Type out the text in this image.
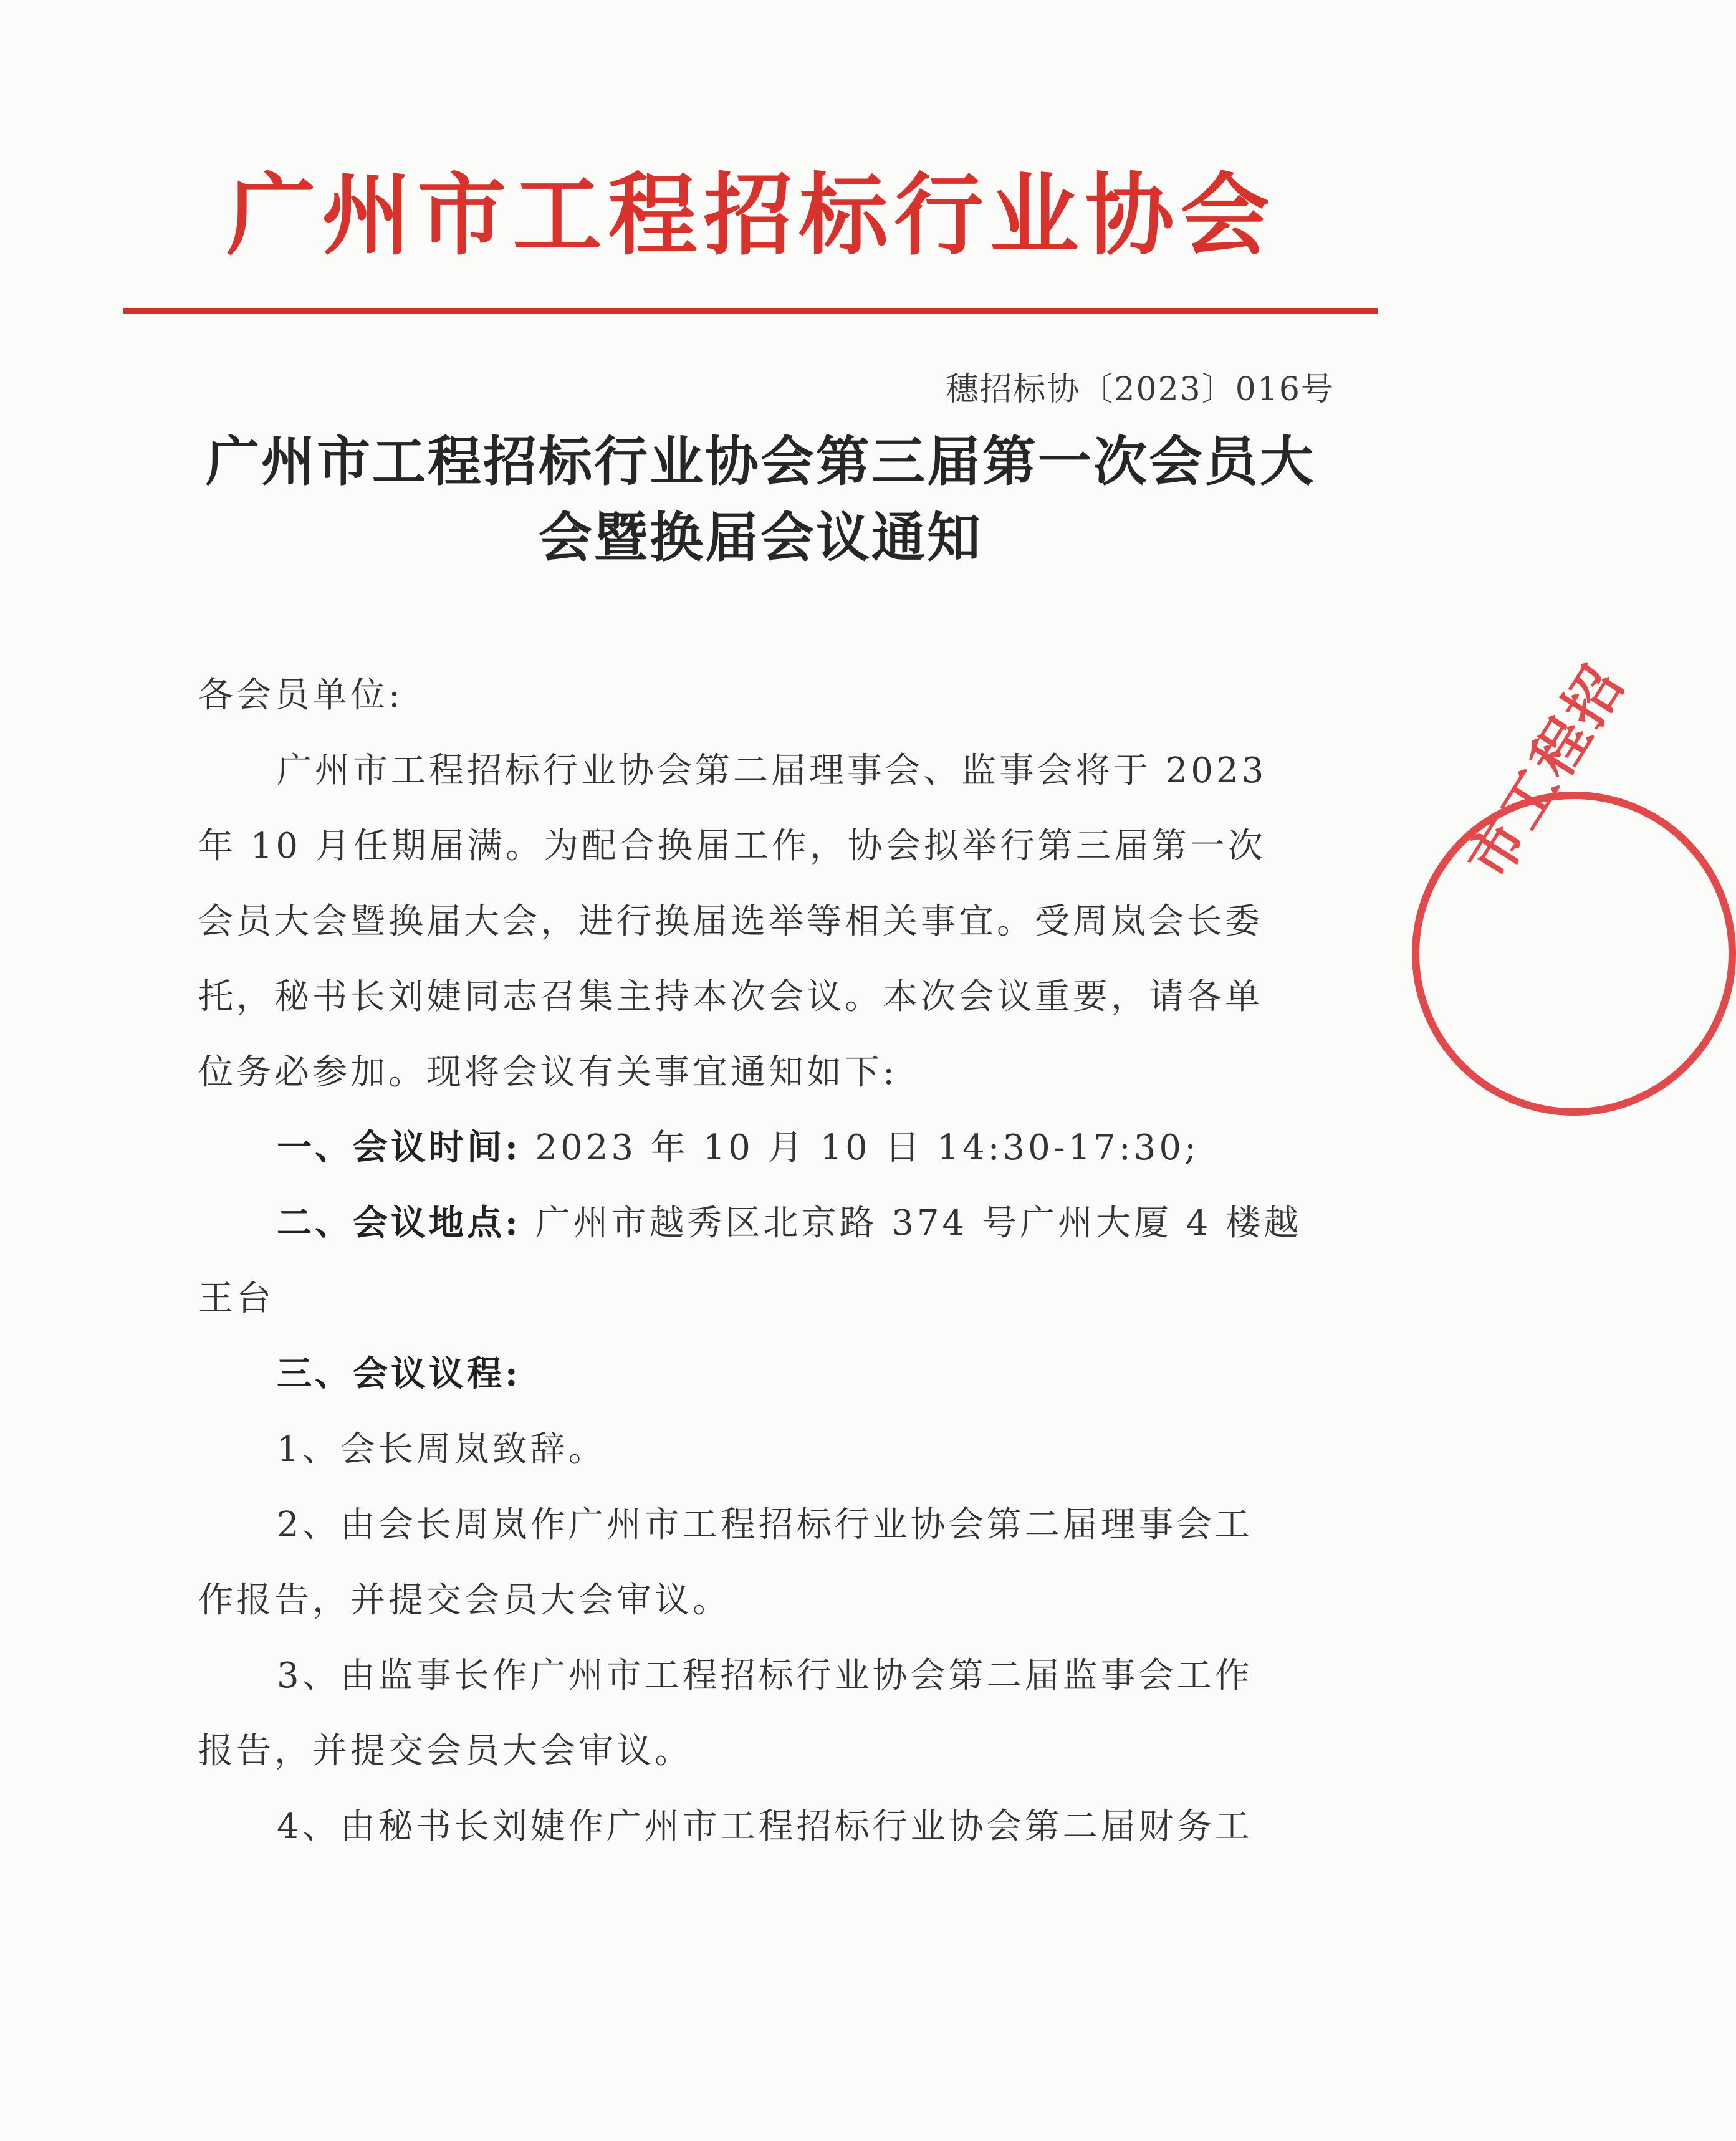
广州市工程招标行业协会
穗招标协〔2023〕016号
广州市工程招标行业协会第三届第一次会员大
会暨换届会议通知
各会员单位:
广州市工程招标行业协会第二届理事会、监事会将于 2023
年 10 月任期届满。为配合换届工作，协会拟举行第三届第一次
会员大会暨换届大会，进行换届选举等相关事宜。受周岚会长委
托，秘书长刘婕同志召集主持本次会议。本次会议重要，请各单
位务必参加。现将会议有关事宜通知如下:
一、会议时间: 2023 年 10 月 10 日 14:30-17:30;
二、会议地点: 广州市越秀区北京路 374 号广州大厦 4 楼越
王台
三、会议议程:
1、会长周岚致辞。
2、由会长周岚作广州市工程招标行业协会第二届理事会工
作报告，并提交会员大会审议。
3、由监事长作广州市工程招标行业协会第二届监事会工作
报告，并提交会员大会审议。
4、由秘书长刘婕作广州市工程招标行业协会第二届财务工
市工程招
